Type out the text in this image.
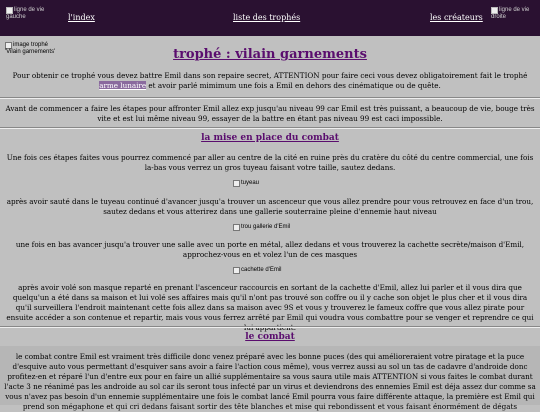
ligne de vie gauche	l'index	liste des trophés	les créateurs
ligne de vie droite
image trophé 'Vilain garnements'	trophé : vilain garnements
Pour obtenir ce trophé vous devez battre Emil dans son repaire secret, ATTENTION pour faire ceci vous devez obligatoirement fait le trophé arme lunaire et avoir parlé mimimum une fois a Emil en dehors des cinématique ou de quête.
Avant de commencer a faire les étapes pour affronter Emil allez exp jusqu'au niveau 99 car Emil est très puissant, a beaucoup de vie, bouge très vite et est lui même niveau 99, essayer de la battre en étant pas niveau 99 est caci impossible.
la mise en place du combat
Une fois ces étapes faites vous pourrez commencé par aller au centre de la cité en ruine près du cratère du côté du centre commercial, une fois la-bas vous verrez un gros tuyeau faisant votre taille, sautez dedans.
tuyeau
après avoir sauté dans le tuyeau continué d'avancer jusqu'a trouver un ascenceur que vous allez prendre pour vous retrouvez en face d'un trou, sautez dedans et vous atterirez dans une gallerie souterraine pleine d'ennemie haut niveau
trou gallerie d'Emil
une fois en bas avancer jusqu'a trouver une salle avec un porte en métal, allez dedans et vous trouverez la cachette secrète/maison d'Emil, approchez-vous en et volez l'un de ces masques
cachette d'Emil
après avoir volé son masque reparté en prenant l'ascenceur raccourcis en sortant de la cachette d'Emil, allez lui parler et il vous dira que quelqu'un a été dans sa maison et lui volé ses affaires mais qu'il n'ont pas trouvé son coffre ou il y cache son objet le plus cher et il vous dira qu'il surveillera l'endroit maintenant cette fois allez dans sa maison avec 9S et vous y trouverez le fameux coffre que vous allez pirate pour ensuite accéder a son contenue et repartir, mais vous vous ferrez arrêté par Emil qui voudra vous combattre pour se venger et reprendre ce qui
le combat
le combat contre Emil est vraiment très difficile donc venez préparé avec les bonne puces (des qui amélioreraient votre piratage et la puce d'esquive auto vous permettant d'esquiver sans avoir a faire l'action cous même), vous verrez aussi au sol un tas de cadavre d'androide donc profitez-en et réparé l'un d'entre eux pour en faire un allié supplémentaire sa vous saura utile mais ATTENTION si vous faites le combat durant l'acte 3 ne réanimé pas les androide au sol car ils seront tous infecté par un virus et deviendrons des ennemies Emil est déja assez dur comme sa vous n'avez pas besoin d'un ennemie supplémentaire une fois le combat lancé Emil pourra vous faire différente attaque, la première est Emil qui prend son mégaphone et qui cri dedans faisant sortir des tête blanches et mise qui rebondissent et vous faisant énormément de dégats
